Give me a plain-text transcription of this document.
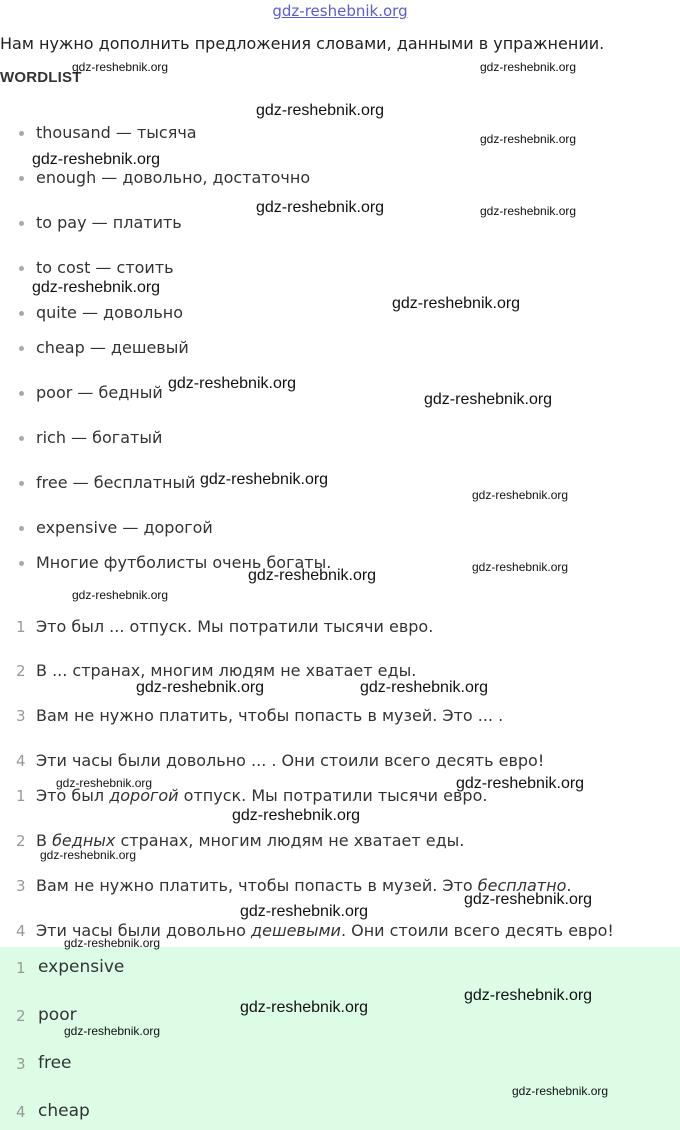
gdz-reshebnik.org
Нам нужно дополнить предложения словами, данными в упражнении.
WORDLIST
thousand — тысяча
enough — довольно, достаточно
to pay — платить
to cost — стоить
quite — довольно
cheap — дешевый
poor — бедный
rich — богатый
free — бесплатный
expensive — дорогой
Многие футболисты очень богаты.
1 Это был ... отпуск. Мы потратили тысячи евро.
2 В ... странах, многим людям не хватает еды.
3 Вам не нужно платить, чтобы попасть в музей. Это ... .
4 Эти часы были довольно ... . Они стоили всего десять евро!
1 Это был дорогой отпуск. Мы потратили тысячи евро.
2 В бедных странах, многим людям не хватает еды.
3 Вам не нужно платить, чтобы попасть в музей. Это бесплатно.
4 Эти часы были довольно дешевыми. Они стоили всего десять евро!
1 expensive
2 poor
3 free
4 cheap
gdz-reshebnik.org	gdz-reshebnik.org
gdz-reshebnik.org
gdz-reshebnik.org
gdz-reshebnik.org
gdz-reshebnik.org	gdz-reshebnik.org
gdz-reshebnik.org
gdz-reshebnik.org
gdz-reshebnik.org
gdz-reshebnik.org
gdz-reshebnik.org
gdz-reshebnik.org
gdz-reshebnik.org	gdz-reshebnik.org
gdz-reshebnik.org
gdz-reshebnik.org	gdz-reshebnik.org
gdz-reshebnik.org	gdz-reshebnik.org
gdz-reshebnik.org
gdz-reshebnik.org
gdz-reshebnik.org
gdz-reshebnik.org
gdz-reshebnik.org
gdz-reshebnik.org
gdz-reshebnik.org
gdz-reshebnik.org
gdz-reshebnik.org
